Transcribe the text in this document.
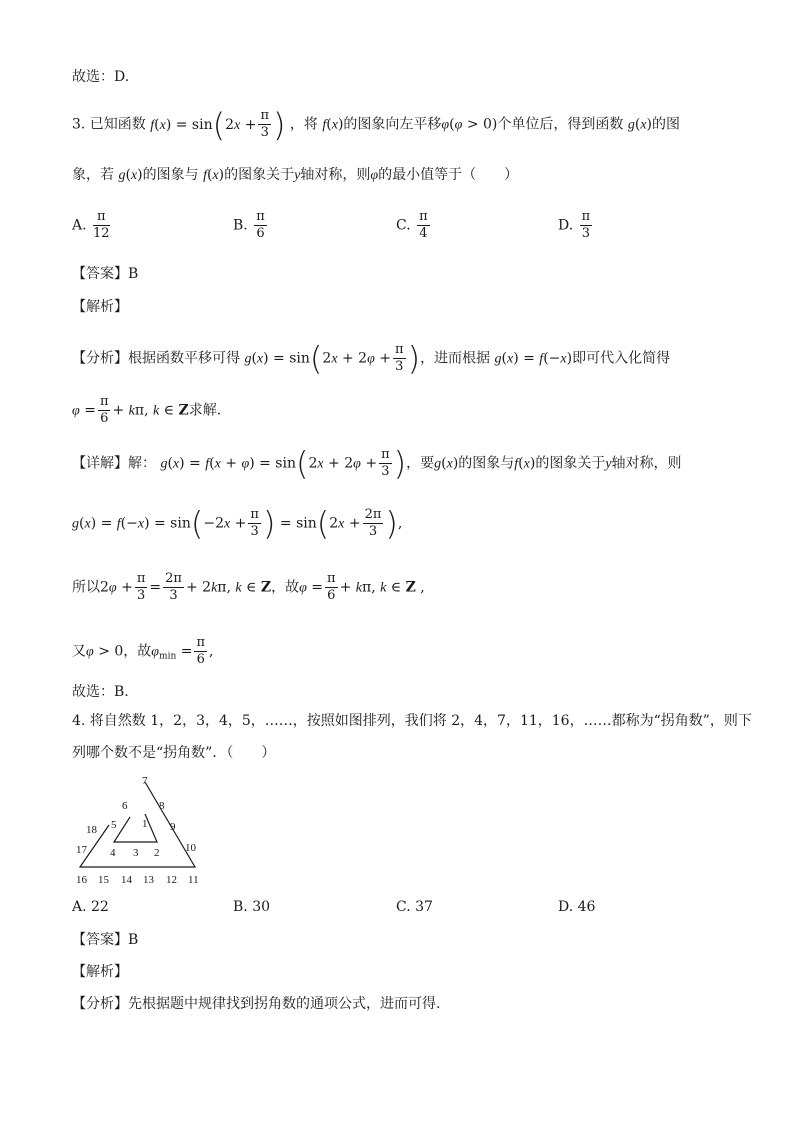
故选：D.
3. 已知函数 $f(x) = \sin(2x + \frac{\pi}{3}$ ) ，将 f(x)的图象向左平移φ(φ > 0)个单位后，得到函数 g(x)的图
象，若 g(x)的图象与 f(x)的图象关于y轴对称，则φ的最小值等于（　　）
A. $\frac{\pi}{12}$	B. $\frac{\pi}{6}$	C. $\frac{\pi}{4}$	D. $\frac{\pi}{3}$
【答案】B
【解析】
【分析】根据函数平移可得 $g(x) = \sin(2x + 2\varphi + \frac{\pi}{3}$ )，进而根据 g(x) = f(−x)即可代入化简得
$\varphi = \frac{\pi}{6} + k\pi$, k ∈ Z求解.
【详解】解： $g(x) = f(x + \varphi) = \sin(2x + 2\varphi + \frac{\pi}{3}$ )，要g(x)的图象与f(x)的图象关于y轴对称，则
$g(x) = f(-x) = \sin(-2x + \frac{\pi}{3}$ ) = $\sin(2x + \frac{2\pi}{3}$ ),
所以$2\varphi + \frac{\pi}{3} = \frac{2\pi}{3} + 2k\pi$, k ∈ Z，故$\varphi = \frac{\pi}{6} + k\pi$, k ∈ Z ,
又φ > 0，故$\varphi_{min} = \frac{\pi}{6}$ ,
故选：B.
4. 将自然数 1，2，3，4，5，……，按照如图排列，我们将 2，4，7，11，16，……都称为“拐角数”，则下
列哪个数不是“拐角数”．（　　）
7
6	8
5 1 9
18
10
17 4 3 2
16 15 14 13 12 11
A. 22	B. 30	C. 37	D. 46
【答案】B
【解析】
【分析】先根据题中规律找到拐角数的通项公式，进而可得.
